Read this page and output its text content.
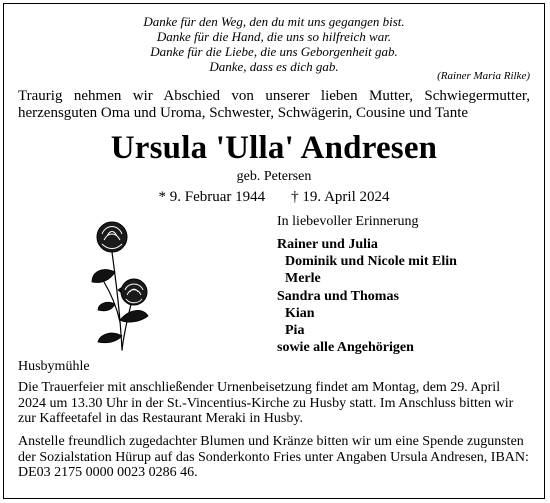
Danke für den Weg, den du mit uns gegangen bist.
Danke für die Hand, die uns so hilfreich war.
Danke für die Liebe, die uns Geborgenheit gab.
Danke, dass es dich gab.
(Rainer Maria Rilke)
Traurig nehmen wir Abschied von unserer lieben Mutter, Schwiegermutter, herzensguten Oma und Uroma, Schwester, Schwägerin, Cousine und Tante
Ursula 'Ulla' Andresen
geb. Petersen
* 9. Februar 1944 † 19. April 2024
In liebevoller Erinnerung
Rainer und Julia
Dominik und Nicole mit Elin
Merle
Sandra und Thomas
Kian
Pia
sowie alle Angehörigen
Husbymühle
Die Trauerfeier mit anschließender Urnenbeisetzung findet am Montag, dem 29. April 2024 um 13.30 Uhr in der St.-Vincentius-Kirche zu Husby statt. Im Anschluss bitten wir zur Kaffeetafel in das Restaurant Meraki in Husby.
Anstelle freundlich zugedachter Blumen und Kränze bitten wir um eine Spende zugunsten der Sozialstation Hürup auf das Sonderkonto Fries unter Angaben Ursula Andresen, IBAN: DE03 2175 0000 0023 0286 46.
